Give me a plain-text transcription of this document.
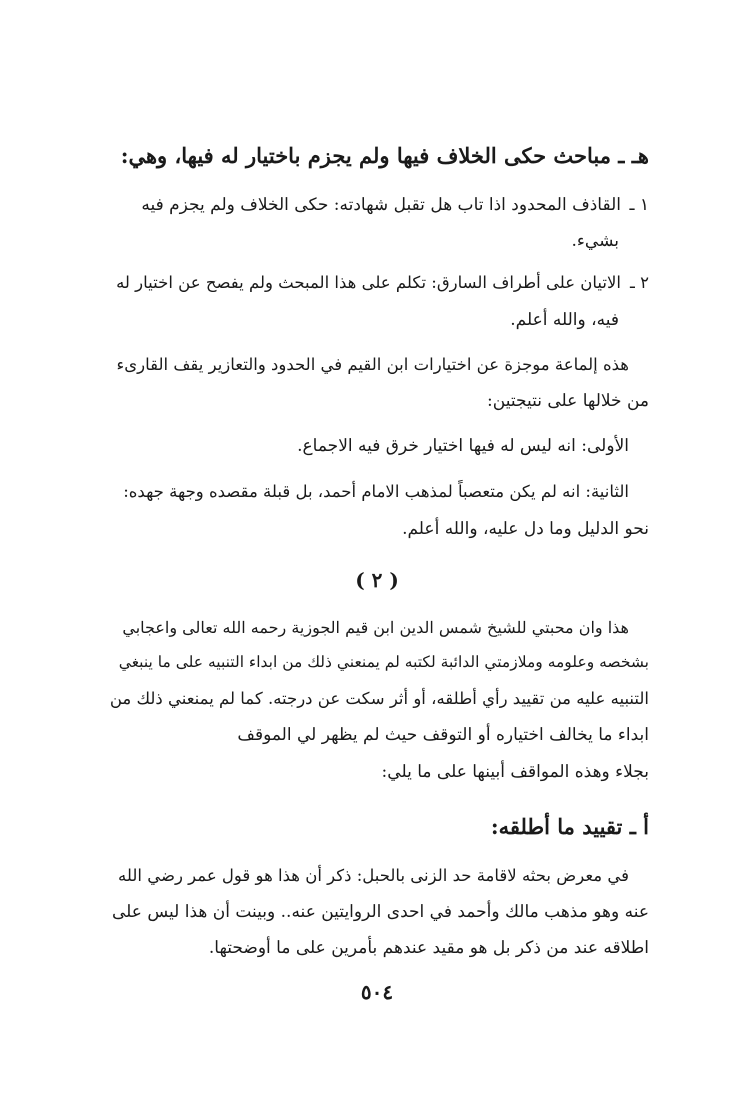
هـ ـ مباحث حكى الخلاف فيها ولم يجزم باختيار له فيها، وهي:
١ ـالقاذف المحدود اذا تاب هل تقبل شهادته: حكى الخلاف ولم يجزم فيه
بشيء.
٢ ـالاتيان على أطراف السارق: تكلم على هذا المبحث ولم يفصح عن اختيار له
فيه، والله أعلم.
هذه إلماعة موجزة عن اختيارات ابن القيم في الحدود والتعازير يقف القارىء
من خلالها على نتيجتين:
الأولى: انه ليس له فيها اختيار خرق فيه الاجماع.
الثانية: انه لم يكن متعصباً لمذهب الامام أحمد، بل قبلة مقصده وجهة جهده:
نحو الدليل وما دل عليه، والله أعلم.
( ٢ )
هذا وان محبتي للشيخ شمس الدين ابن قيم الجوزية رحمه الله تعالى واعجابي
بشخصه وعلومه وملازمتي الدائبة لكتبه لم يمنعني ذلك من ابداء التنبيه على ما ينبغي
التنبيه عليه من تقييد رأي أطلقه، أو أثر سكت عن درجته. كما لم يمنعني ذلك من
ابداء ما يخالف اختياره أو التوقف حيث لم يظهر لي الموقف
بجلاء وهذه المواقف أبينها على ما يلي:
أ ـ تقييد ما أطلقه:
في معرض بحثه لاقامة حد الزنى بالحبل: ذكر أن هذا هو قول عمر رضي الله
عنه وهو مذهب مالك وأحمد في احدى الروايتين عنه.. وبينت أن هذا ليس على
اطلاقه عند من ذكر بل هو مقيد عندهم بأمرين على ما أوضحتها.
٥٠٤
